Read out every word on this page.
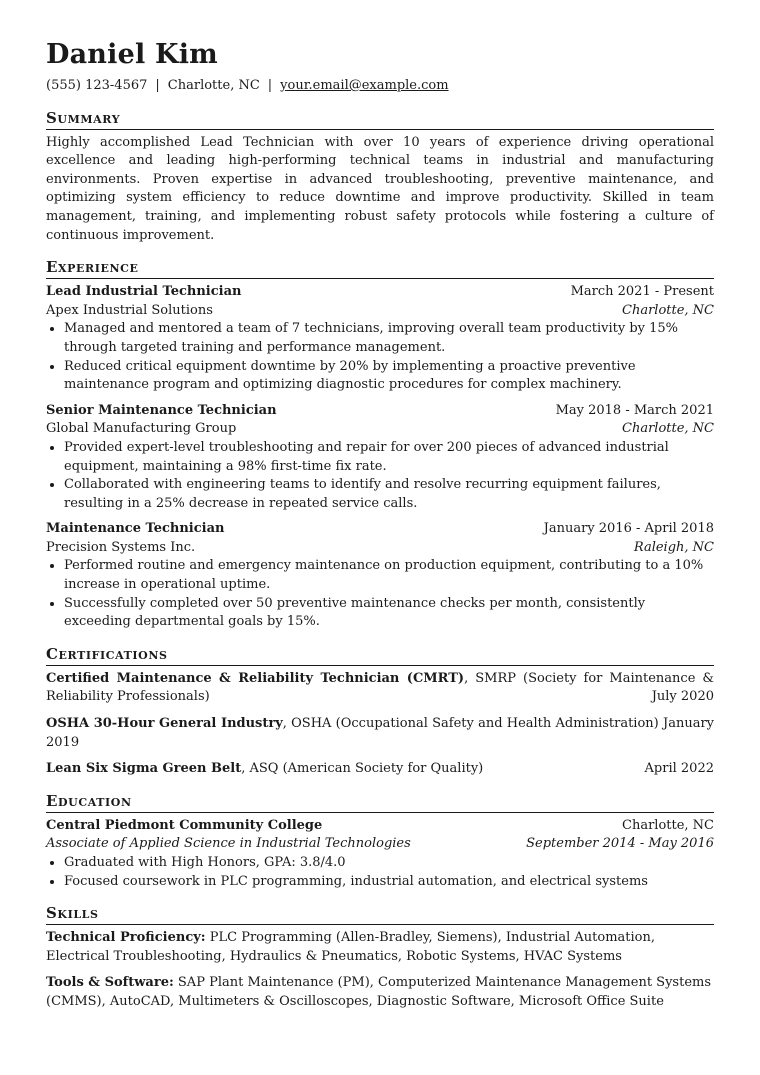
Daniel Kim
(555) 123-4567 | Charlotte, NC | your.email@example.com
Summary

Highly accomplished Lead Technician with over 10 years of experience driving operational excellence and leading high-performing technical teams in industrial and manufacturing environments. Proven expertise in advanced troubleshooting, preventive maintenance, and optimizing system efficiency to reduce downtime and improve productivity. Skilled in team management, training, and implementing robust safety protocols while fostering a culture of continuous improvement.

Experience
Lead Industrial Technician	March 2021 - Present
Apex Industrial Solutions	Charlotte, NC
• Managed and mentored a team of 7 technicians, improving overall team productivity by 15% through targeted training and performance management.
• Reduced critical equipment downtime by 20% by implementing a proactive preventive maintenance program and optimizing diagnostic procedures for complex machinery.
Senior Maintenance Technician	May 2018 - March 2021
Global Manufacturing Group	Charlotte, NC
• Provided expert-level troubleshooting and repair for over 200 pieces of advanced industrial equipment, maintaining a 98% first-time fix rate.
• Collaborated with engineering teams to identify and resolve recurring equipment failures, resulting in a 25% decrease in repeated service calls.
Maintenance Technician	January 2016 - April 2018
Precision Systems Inc.	Raleigh, NC
• Performed routine and emergency maintenance on production equipment, contributing to a 10% increase in operational uptime.
• Successfully completed over 50 preventive maintenance checks per month, consistently exceeding departmental goals by 15%.
Certifications
Certified Maintenance & Reliability Technician (CMRT), SMRP (Society for Maintenance & Reliability Professionals)	July 2020
OSHA 30-Hour General Industry, OSHA (Occupational Safety and Health Administration) January 2019
Lean Six Sigma Green Belt, ASQ (American Society for Quality)	April 2022
Education
Central Piedmont Community College	Charlotte, NC
Associate of Applied Science in Industrial Technologies	September 2014 - May 2016
• Graduated with High Honors, GPA: 3.8/4.0
• Focused coursework in PLC programming, industrial automation, and electrical systems
Skills
Technical Proficiency: PLC Programming (Allen-Bradley, Siemens), Industrial Automation, Electrical Troubleshooting, Hydraulics & Pneumatics, Robotic Systems, HVAC Systems
Tools & Software: SAP Plant Maintenance (PM), Computerized Maintenance Management Systems (CMMS), AutoCAD, Multimeters & Oscilloscopes, Diagnostic Software, Microsoft Office Suite
